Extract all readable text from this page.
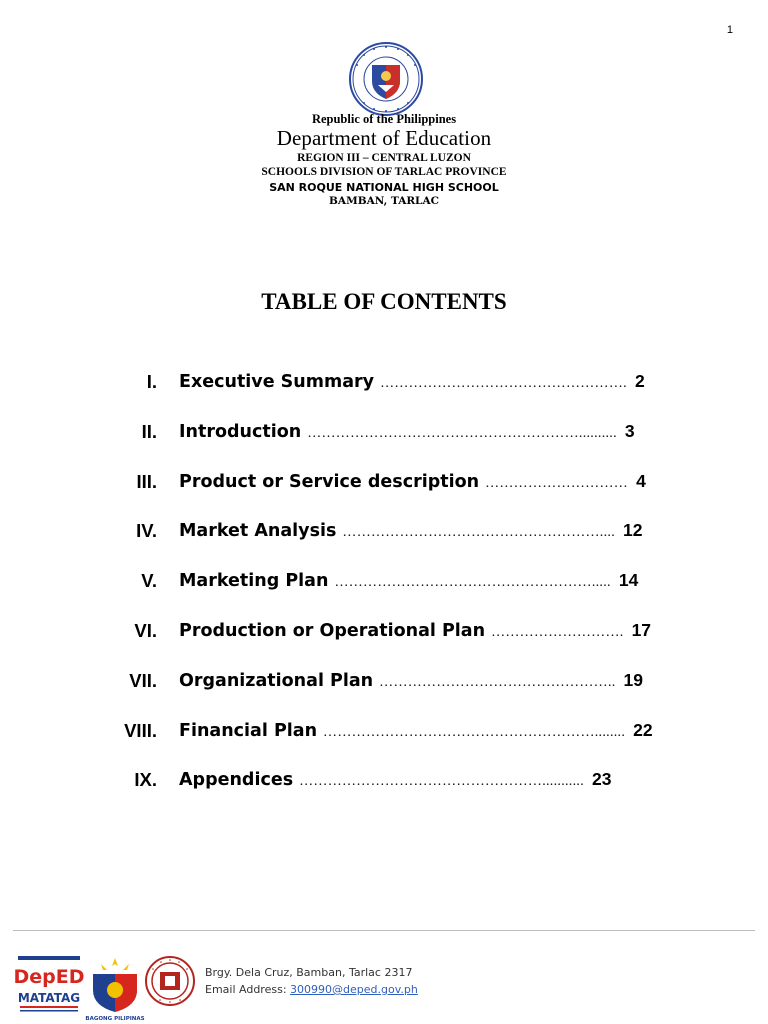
1
Republic of the Philippines
Department of Education
REGION III – CENTRAL LUZON
SCHOOLS DIVISION OF TARLAC PROVINCE
SAN ROQUE NATIONAL HIGH SCHOOL
BAMBAN, TARLAC
TABLE OF CONTENTS
I. Executive Summary ……………………………………………. 2
II. Introduction ………………………………………………….......... 3
III. Product or Service description ………………………… 4
IV. Market Analysis ……………………………………………….... 12
V. Marketing Plan ………………………………………………..... 14
VI. Production or Operational Plan ………………………. 17
VII. Organizational Plan ………………………………………….. 19
VIII. Financial Plan …………………………………………………........ 22
IX. Appendices ……………………………………………........... 23
DepED
MATATAG
BAGONG PILIPINAS
Brgy. Dela Cruz, Bamban, Tarlac 2317
Email Address: 300990@deped.gov.ph
